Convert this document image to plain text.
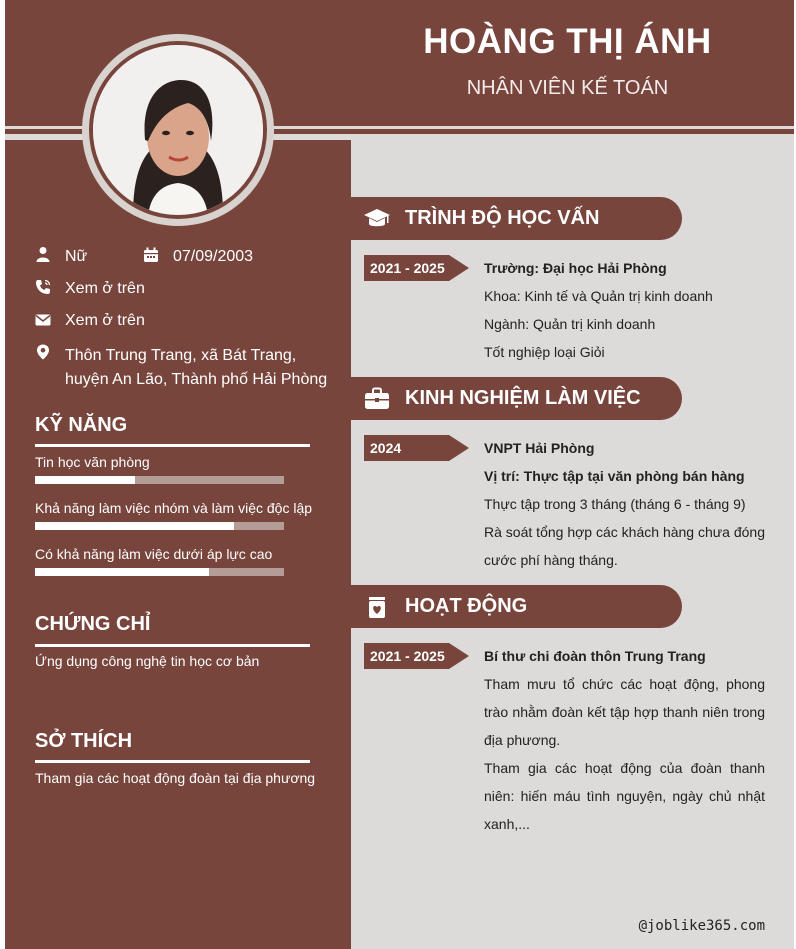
HOÀNG THỊ ÁNH
NHÂN VIÊN KẾ TOÁN
Nữ	07/09/2003
Xem ở trên
Xem ở trên
Thôn Trung Trang, xã Bát Trang,
huyện An Lão, Thành phố Hải Phòng
KỸ NĂNG
Tin học văn phòng
Khả năng làm việc nhóm và làm việc độc lập
Có khả năng làm việc dưới áp lực cao
CHỨNG CHỈ
Ứng dụng công nghệ tin học cơ bản
SỞ THÍCH
Tham gia các hoạt động đoàn tại địa phương
TRÌNH ĐỘ HỌC VẤN
2021 - 2025	Trường: Đại học Hải Phòng
Khoa: Kinh tế và Quản trị kinh doanh
Ngành: Quản trị kinh doanh
Tốt nghiệp loại Giỏi
KINH NGHIỆM LÀM VIỆC
2024	VNPT Hải Phòng
Vị trí: Thực tập tại văn phòng bán hàng
Thực tập trong 3 tháng (tháng 6 - tháng 9)
Rà soát tổng hợp các khách hàng chưa đóng cước phí hàng tháng.
HOẠT ĐỘNG
2021 - 2025	Bí thư chi đoàn thôn Trung Trang
Tham mưu tổ chức các hoạt động, phong trào nhằm đoàn kết tập hợp thanh niên trong địa phương.
Tham gia các hoạt động của đoàn thanh niên: hiến máu tình nguyện, ngày chủ nhật xanh,...
@joblike365.com
